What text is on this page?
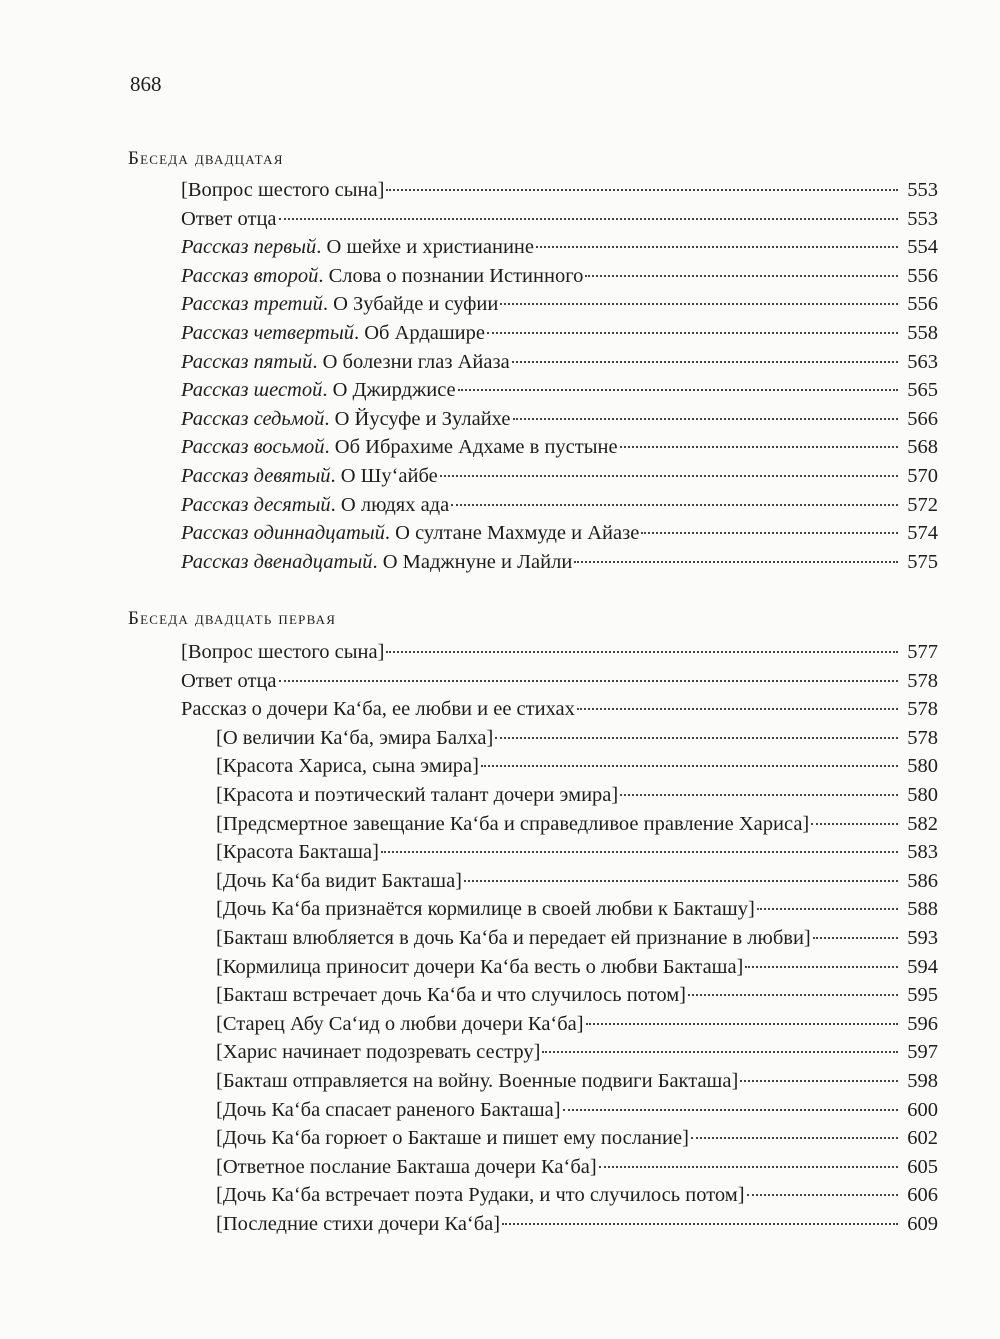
868
Беседа двадцатая
[Вопрос шестого сына]	553
Ответ отца	553
Рассказ первый. О шейхе и христианине	554
Рассказ второй. Слова о познании Истинного	556
Рассказ третий. О Зубайде и суфии	556
Рассказ четвертый. Об Ардашире	558
Рассказ пятый. О болезни глаз Айаза	563
Рассказ шестой. О Джирджисе	565
Рассказ седьмой. О Йусуфе и Зулайхе	566
Рассказ восьмой. Об Ибрахиме Адхаме в пустыне	568
Рассказ девятый. О Шу‘айбе	570
Рассказ десятый. О людях ада	572
Рассказ одиннадцатый. О султане Махмуде и Айазе	574
Рассказ двенадцатый. О Маджнуне и Лайли	575
Беседа двадцать первая
[Вопрос шестого сына]	577
Ответ отца	578
Рассказ о дочери Ка‘ба, ее любви и ее стихах	578
[О величии Ка‘ба, эмира Балха]	578
[Красота Хариса, сына эмира]	580
[Красота и поэтический талант дочери эмира]	580
[Предсмертное завещание Ка‘ба и справедливое правление Хариса]	582
[Красота Бакташа]	583
[Дочь Ка‘ба видит Бакташа]	586
[Дочь Ка‘ба признаётся кормилице в своей любви к Бакташу]	588
[Бакташ влюбляется в дочь Ка‘ба и передает ей признание в любви]	593
[Кормилица приносит дочери Ка‘ба весть о любви Бакташа]	594
[Бакташ встречает дочь Ка‘ба и что случилось потом]	595
[Старец Абу Са‘ид о любви дочери Ка‘ба]	596
[Харис начинает подозревать сестру]	597
[Бакташ отправляется на войну. Военные подвиги Бакташа]	598
[Дочь Ка‘ба спасает раненого Бакташа]	600
[Дочь Ка‘ба горюет о Бакташе и пишет ему послание]	602
[Ответное послание Бакташа дочери Ка‘ба]	605
[Дочь Ка‘ба встречает поэта Рудаки, и что случилось потом]	606
[Последние стихи дочери Ка‘ба]	609
